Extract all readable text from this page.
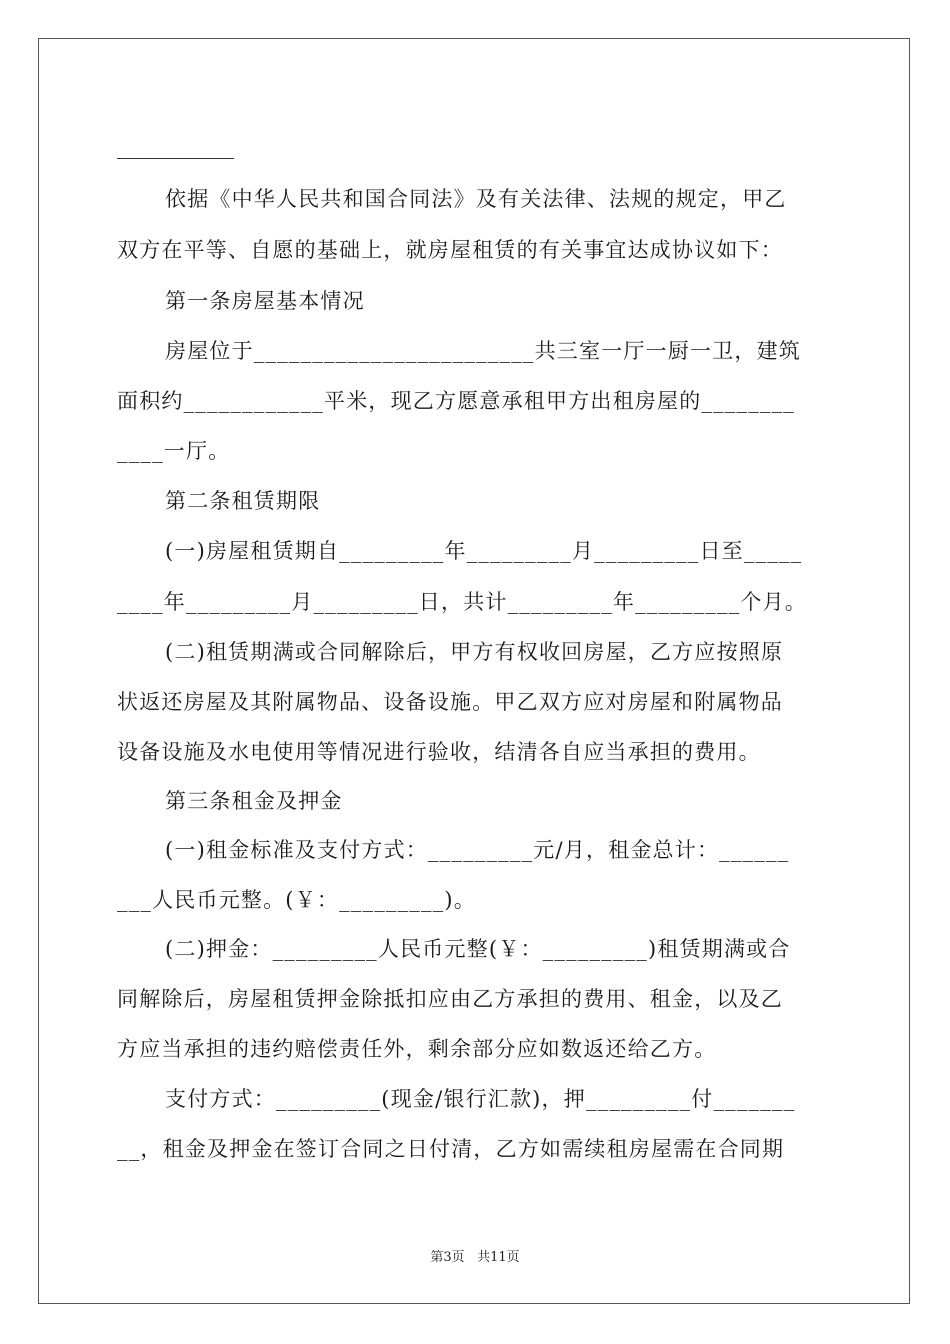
依据《中华人民共和国合同法》及有关法律、法规的规定，甲乙
双方在平等、自愿的基础上，就房屋租赁的有关事宜达成协议如下：
第一条房屋基本情况
房屋位于________________________共三室一厅一厨一卫，建筑
面积约____________平米，现乙方愿意承租甲方出租房屋的________
____一厅。
第二条租赁期限
(一)房屋租赁期自_________年_________月_________日至_____
____年_________月_________日，共计_________年_________个月。
(二)租赁期满或合同解除后，甲方有权收回房屋，乙方应按照原
状返还房屋及其附属物品、设备设施。甲乙双方应对房屋和附属物品
设备设施及水电使用等情况进行验收，结清各自应当承担的费用。
第三条租金及押金
(一)租金标准及支付方式：_________元/月，租金总计：______
___人民币元整。(￥：_________)。
(二)押金：_________人民币元整(￥：_________)租赁期满或合
同解除后，房屋租赁押金除抵扣应由乙方承担的费用、租金，以及乙
方应当承担的违约赔偿责任外，剩余部分应如数返还给乙方。
支付方式：_________(现金/银行汇款)，押_________付_______
__，租金及押金在签订合同之日付清，乙方如需续租房屋需在合同期
第3页 共11页
